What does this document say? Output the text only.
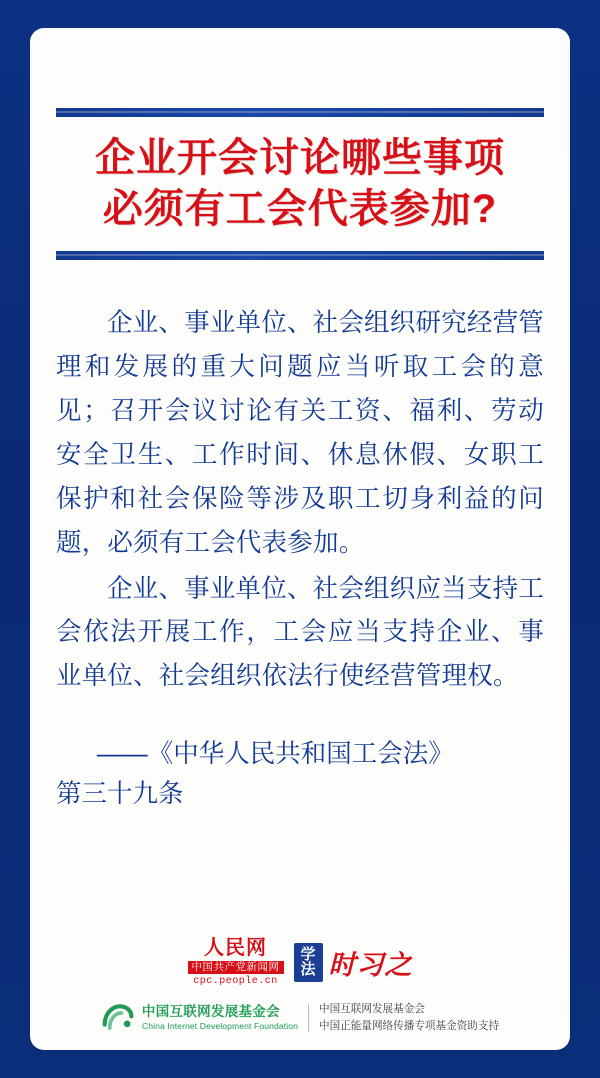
企业开会讨论哪些事项
必须有工会代表参加?

企业、事业单位、社会组织研究经营管理和发展的重大问题应当听取工会的意见；召开会议讨论有关工资、福利、劳动安全卫生、工作时间、休息休假、女职工保护和社会保险等涉及职工切身利益的问题，必须有工会代表参加。

企业、事业单位、社会组织应当支持工会依法开展工作，工会应当支持企业、事业单位、社会组织依法行使经营管理权。

——《中华人民共和国工会法》
第三十九条
人民网
中国共产党新闻网
cpc.people.cn
学
法 时习之
中国互联网发展基金会
China Internet Development Foundation
中国互联网发展基金会
中国正能量网络传播专项基金资助支持
